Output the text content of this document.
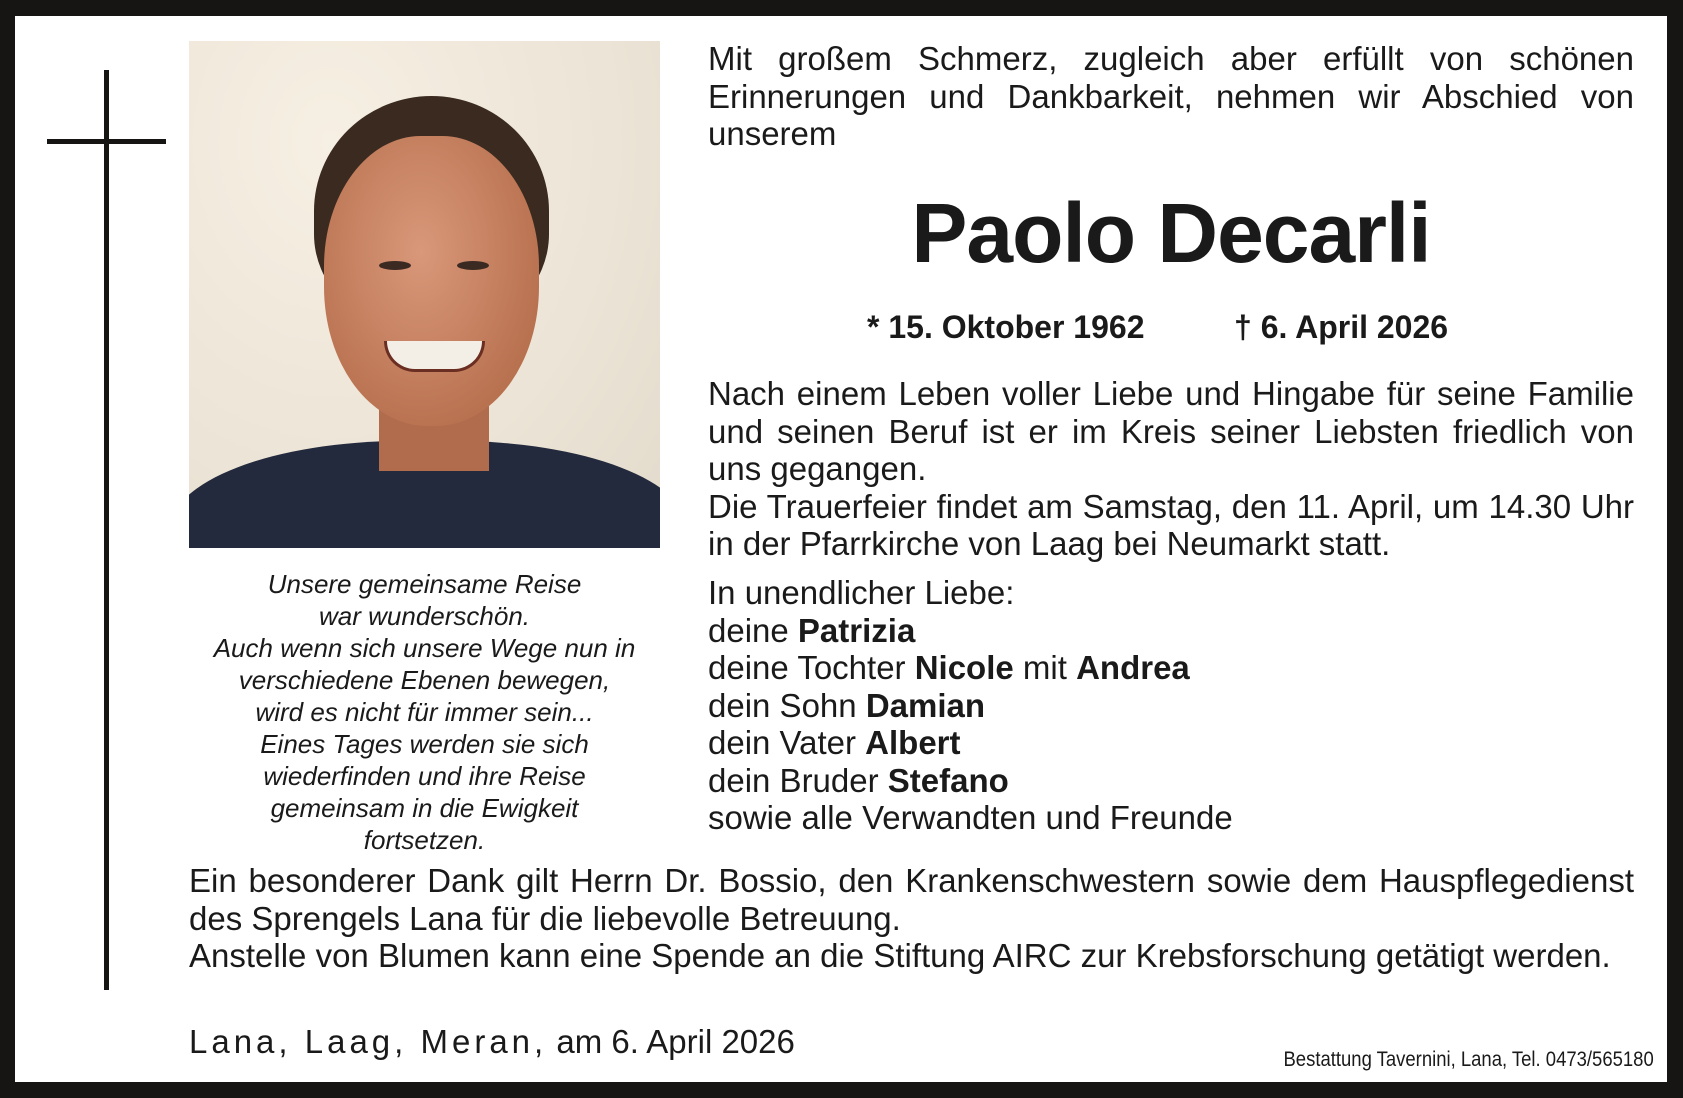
Unsere gemeinsame Reise
war wunderschön.
Auch wenn sich unsere Wege nun in
verschiedene Ebenen bewegen,
wird es nicht für immer sein...
Eines Tages werden sie sich
wiederfinden und ihre Reise
gemeinsam in die Ewigkeit
fortsetzen.
Mit großem Schmerz, zugleich aber erfüllt von schönen Erinnerungen und Dankbarkeit, nehmen wir Abschied von unserem
Paolo Decarli
* 15. Oktober 1962	† 6. April 2026
Nach einem Leben voller Liebe und Hingabe für seine Familie und seinen Beruf ist er im Kreis seiner Liebsten friedlich von uns gegangen.
Die Trauerfeier findet am Samstag, den 11. April, um 14.30 Uhr in der Pfarrkirche von Laag bei Neumarkt statt.
In unendlicher Liebe:
deine Patrizia
deine Tochter Nicole mit Andrea
dein Sohn Damian
dein Vater Albert
dein Bruder Stefano
sowie alle Verwandten und Freunde
Ein besonderer Dank gilt Herrn Dr. Bossio, den Krankenschwestern sowie dem Hauspflegedienst des Sprengels Lana für die liebevolle Betreuung.
Anstelle von Blumen kann eine Spende an die Stiftung AIRC zur Krebsforschung getätigt werden.
Lana, Laag, Meran, am 6. April 2026	Bestattung Tavernini, Lana, Tel. 0473/565180
